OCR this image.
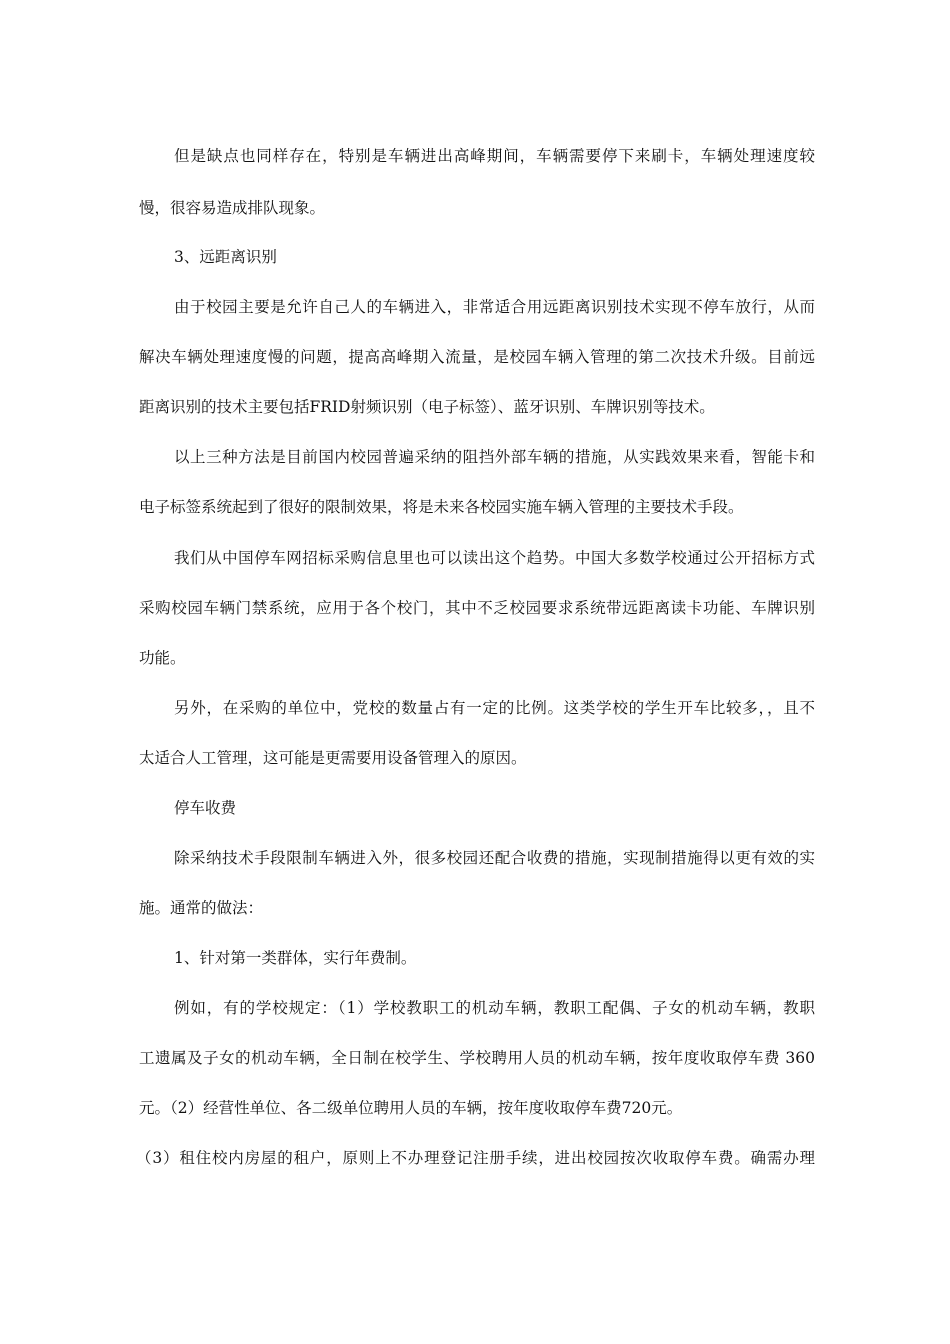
但是缺点也同样存在，特别是车辆进出高峰期间，车辆需要停下来刷卡，车辆处理速度较
慢，很容易造成排队现象。
3、远距离识别
由于校园主要是允许自己人的车辆进入，非常适合用远距离识别技术实现不停车放行，从而
解决车辆处理速度慢的问题，提高高峰期入流量，是校园车辆入管理的第二次技术升级。目前远
距离识别的技术主要包括FRID射频识别（电子标签）、蓝牙识别、车牌识别等技术。
以上三种方法是目前国内校园普遍采纳的阻挡外部车辆的措施，从实践效果来看，智能卡和
电子标签系统起到了很好的限制效果，将是未来各校园实施车辆入管理的主要技术手段。
我们从中国停车网招标采购信息里也可以读出这个趋势。中国大多数学校通过公开招标方式
采购校园车辆门禁系统，应用于各个校门，其中不乏校园要求系统带远距离读卡功能、车牌识别
功能。
另外，在采购的单位中，党校的数量占有一定的比例。这类学校的学生开车比较多，，且不
太适合人工管理，这可能是更需要用设备管理入的原因。
停车收费
除采纳技术手段限制车辆进入外，很多校园还配合收费的措施，实现制措施得以更有效的实
施。通常的做法：
1、针对第一类群体，实行年费制。
例如，有的学校规定：（1）学校教职工的机动车辆，教职工配偶、子女的机动车辆，教职
工遗属及子女的机动车辆，全日制在校学生、学校聘用人员的机动车辆，按年度收取停车费 360
元。（2）经营性单位、各二级单位聘用人员的车辆，按年度收取停车费720元。
（3）租住校内房屋的租户，原则上不办理登记注册手续，进出校园按次收取停车费。确需办理
